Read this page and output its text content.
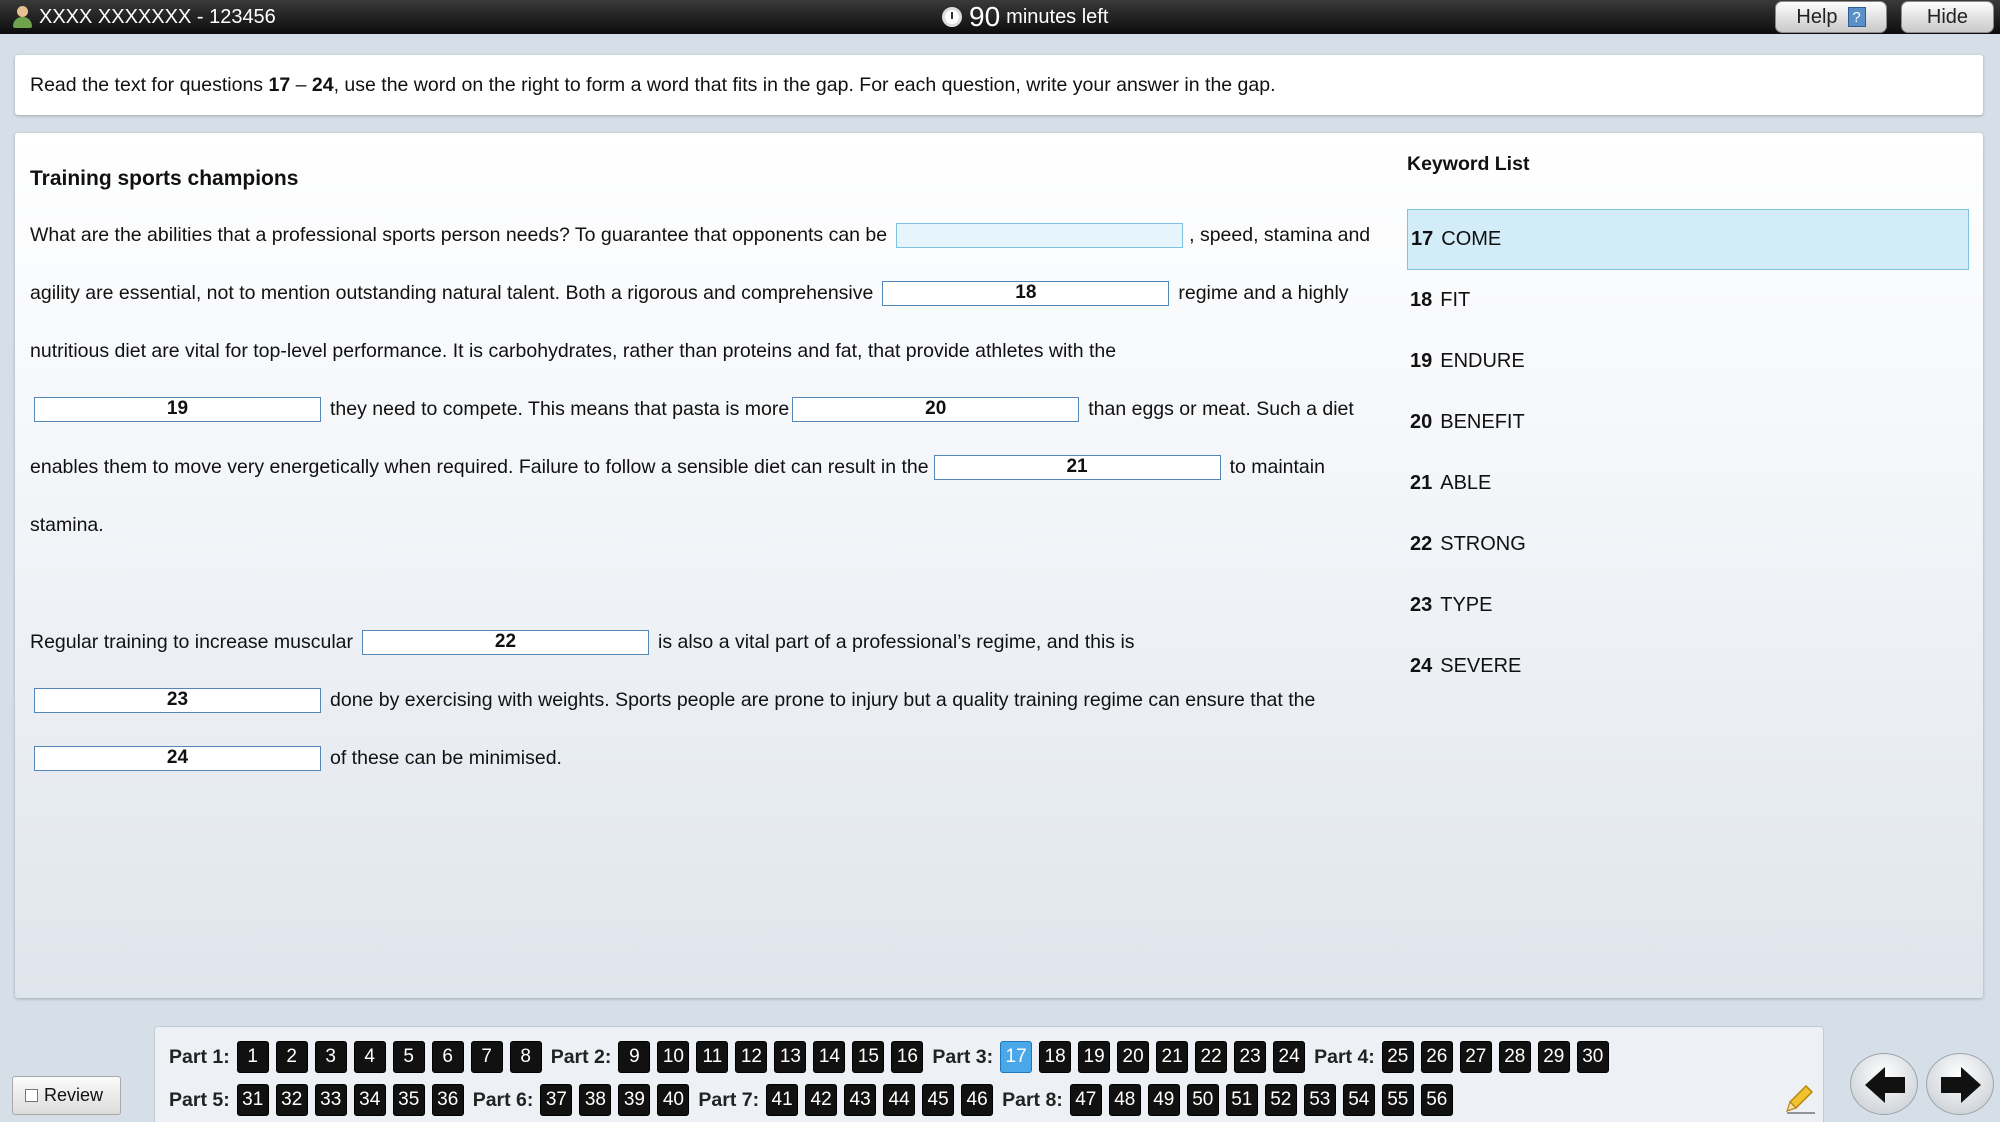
XXXX XXXXXXX - 123456	90 minutes left	Help ?	Hide
Read the text for questions 17 – 24, use the word on the right to form a word that fits in the gap. For each question, write your answer in the gap.
Training sports champions
What are the abilities that a professional sports person needs? To guarantee that opponents can be	, speed, stamina and
agility are essential, not to mention outstanding natural talent. Both a rigorous and comprehensive	18	regime and a highly
nutritious diet are vital for top-level performance. It is carbohydrates, rather than proteins and fat, that provide athletes with the
19	they need to compete. This means that pasta is more	20	than eggs or meat. Such a diet
enables them to move very energetically when required. Failure to follow a sensible diet can result in the	21	to maintain
stamina.
Regular training to increase muscular	22	is also a vital part of a professional’s regime, and this is
23	done by exercising with weights. Sports people are prone to injury but a quality training regime can ensure that the
24	of these can be minimised.
Keyword List
17 COME
18 FIT
19 ENDURE
20 BENEFIT
21 ABLE
22 STRONG
23 TYPE
24 SEVERE
Review
Part 1: 1	2	3	4	5	6	7	8	Part 2: 9	10 11 12 13 14 15 16 Part 3: 17 18 19 20 21 22 23 24 Part 4: 25 26 27 28 29 30
Part 5: 31 32 33 34 35 36 Part 6: 37 38 39 40 Part 7: 41 42 43 44 45 46 Part 8: 47 48 49 50 51 52 53 54 55 56
